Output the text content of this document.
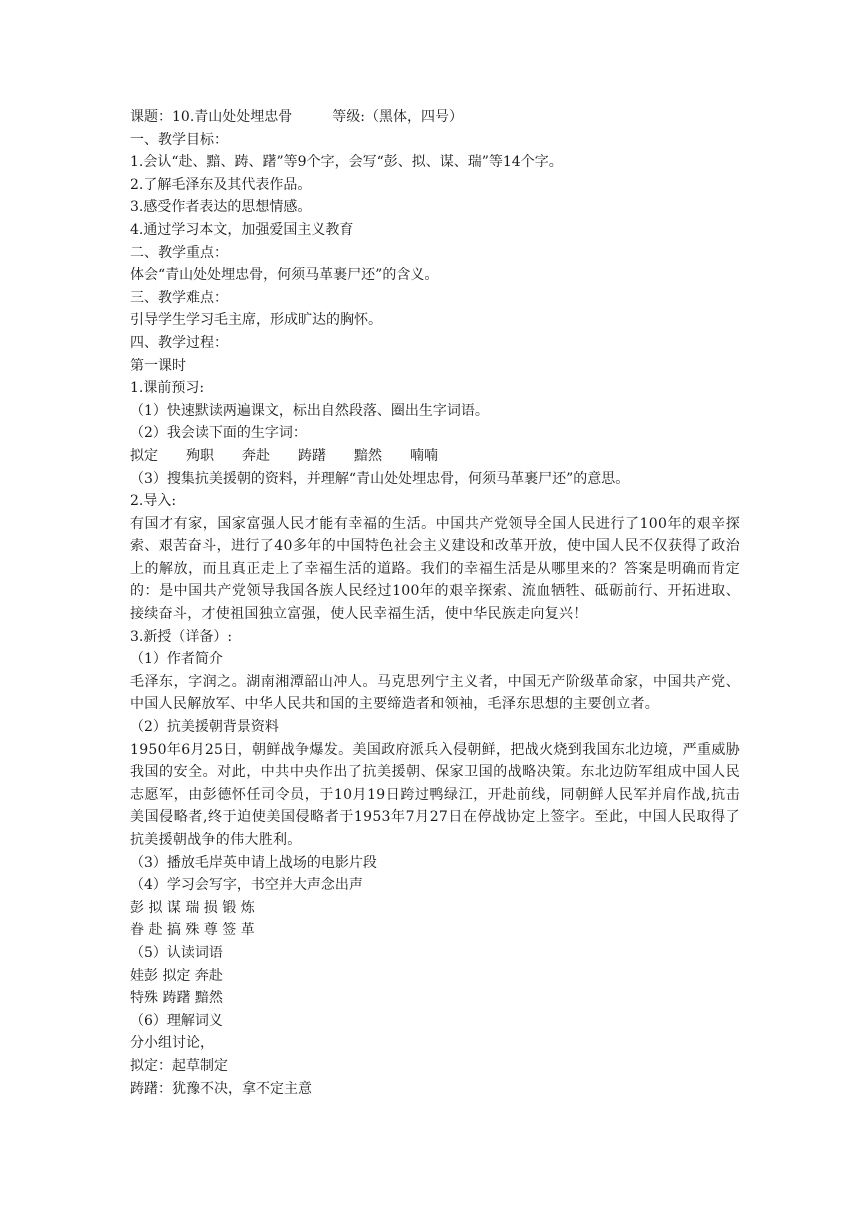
课题：10.青山处处埋忠骨	等级:（黑体，四号）
一、教学目标：
1.会认“赴、黯、踌、躇”等9个字，会写“彭、拟、谋、瑞”等14个字。
2.了解毛泽东及其代表作品。
3.感受作者表达的思想情感。
4.通过学习本文，加强爱国主义教育
二、教学重点：
体会“青山处处埋忠骨，何须马革裹尸还”的含义。
三、教学难点：
引导学生学习毛主席，形成旷达的胸怀。
四、教学过程：
第一课时
1.课前预习:
（1）快速默读两遍课文，标出自然段落、圈出生字词语。
（2）我会读下面的生字词：
拟定　　殉职　　奔赴　　踌躇　　黯然　　喃喃
（3）搜集抗美援朝的资料，并理解“青山处处埋忠骨，何须马革裹尸还”的意思。
2.导入:
有国才有家，国家富强人民才能有幸福的生活。中国共产党领导全国人民进行了100年的艰辛探索、艰苦奋斗，进行了40多年的中国特色社会主义建设和改革开放，使中国人民不仅获得了政治上的解放，而且真正走上了幸福生活的道路。我们的幸福生活是从哪里来的？答案是明确而肯定的：是中国共产党领导我国各族人民经过100年的艰辛探索、流血牺牲、砥砺前行、开拓进取、接续奋斗，才使祖国独立富强，使人民幸福生活，使中华民族走向复兴！
3.新授（详备）:
（1）作者简介
毛泽东，字润之。湖南湘潭韶山冲人。马克思列宁主义者，中国无产阶级革命家，中国共产党、中国人民解放军、中华人民共和国的主要缔造者和领袖，毛泽东思想的主要创立者。
（2）抗美援朝背景资料
1950年6月25日，朝鲜战争爆发。美国政府派兵入侵朝鲜，把战火烧到我国东北边境，严重威胁我国的安全。对此，中共中央作出了抗美援朝、保家卫国的战略决策。东北边防军组成中国人民志愿军，由彭德怀任司令员，于10月19日跨过鸭绿江，开赴前线，同朝鲜人民军并肩作战,抗击美国侵略者,终于迫使美国侵略者于1953年7月27日在停战协定上签字。至此，中国人民取得了抗美援朝战争的伟大胜利。
（3）播放毛岸英申请上战场的电影片段
（4）学习会写字，书空并大声念出声
彭 拟 谋 瑞 损 锻 炼
眷 赴 搞 殊 尊 签 革
（5）认读词语
娃彭 拟定 奔赴
特殊 踌躇 黯然
（6）理解词义
分小组讨论，
拟定：起草制定
踌躇：犹豫不决，拿不定主意
